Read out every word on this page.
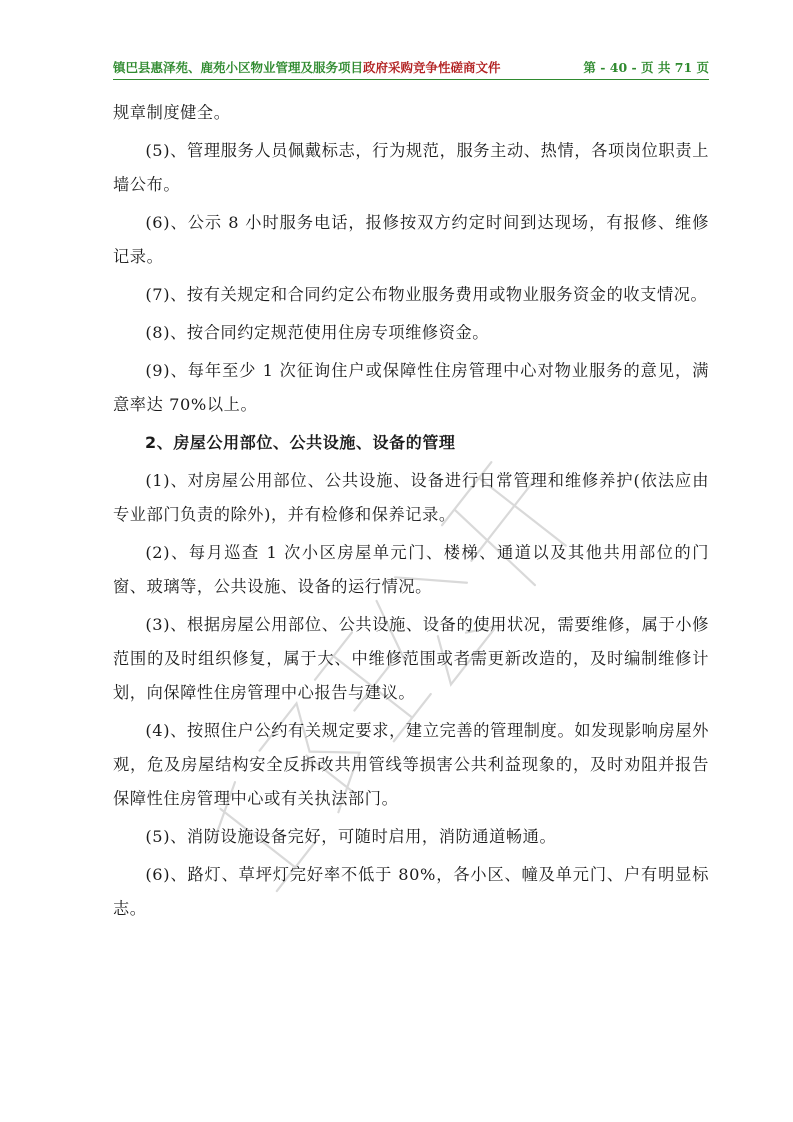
镇巴县惠泽苑、鹿苑小区物业管理及服务项目政府采购竞争性磋商文件	第 - 40 - 页 共 71 页
公开

规章制度健全。

(5)、管理服务人员佩戴标志，行为规范，服务主动、热情，各项岗位职责上墙公布。

(6)、公示 8 小时服务电话，报修按双方约定时间到达现场，有报修、维修记录。

(7)、按有关规定和合同约定公布物业服务费用或物业服务资金的收支情况。

(8)、按合同约定规范使用住房专项维修资金。

(9)、每年至少 1 次征询住户或保障性住房管理中心对物业服务的意见，满意率达 70%以上。

2、房屋公用部位、公共设施、设备的管理

(1)、对房屋公用部位、公共设施、设备进行日常管理和维修养护(依法应由专业部门负责的除外)，并有检修和保养记录。

(2)、每月巡查 1 次小区房屋单元门、楼梯、通道以及其他共用部位的门窗、玻璃等，公共设施、设备的运行情况。

(3)、根据房屋公用部位、公共设施、设备的使用状况，需要维修，属于小修范围的及时组织修复，属于大、中维修范围或者需更新改造的，及时编制维修计划，向保障性住房管理中心报告与建议。

(4)、按照住户公约有关规定要求，建立完善的管理制度。如发现影响房屋外观，危及房屋结构安全反拆改共用管线等损害公共利益现象的，及时劝阻并报告保障性住房管理中心或有关执法部门。

(5)、消防设施设备完好，可随时启用，消防通道畅通。

(6)、路灯、草坪灯完好率不低于 80%，各小区、幢及单元门、户有明显标志。
